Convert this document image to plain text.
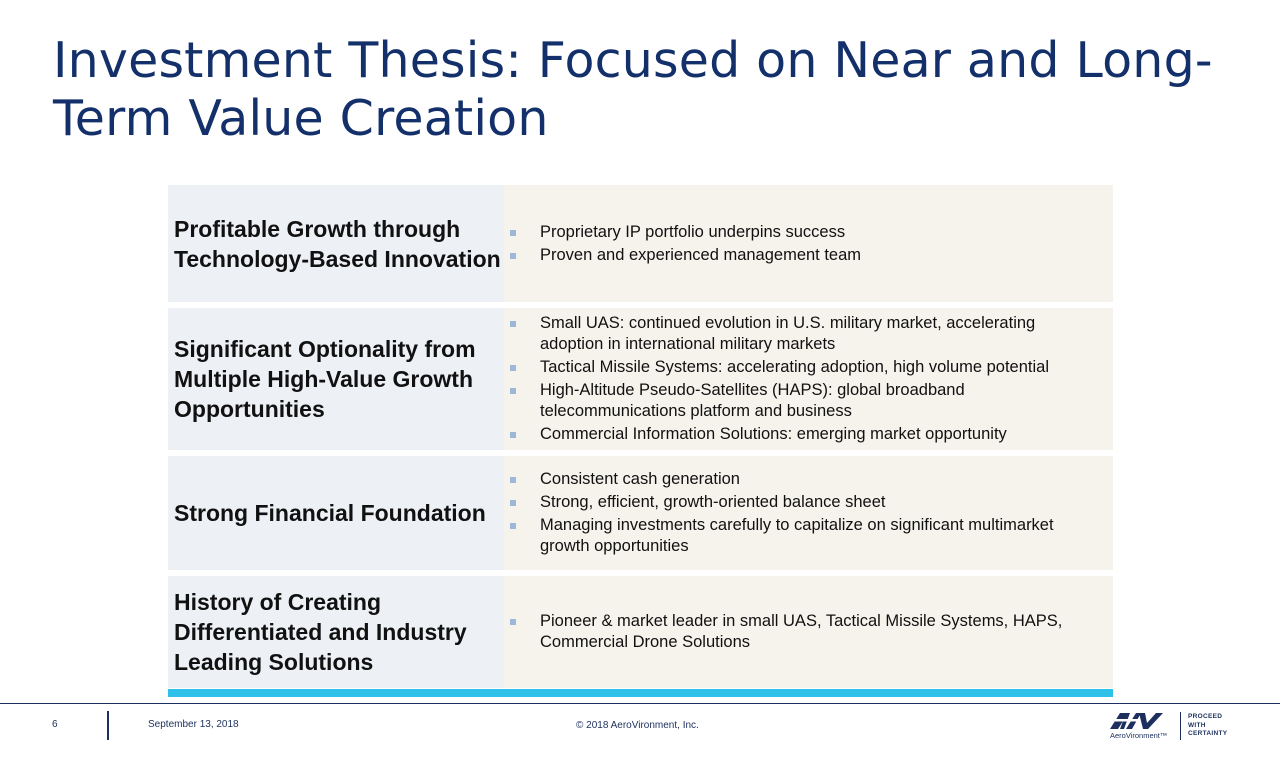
Investment Thesis: Focused on Near and Long-Term Value Creation
Profitable Growth through Technology-Based Innovation
Proprietary IP portfolio underpins success
Proven and experienced management team
Significant Optionality from Multiple High-Value Growth Opportunities
Small UAS: continued evolution in U.S. military market, accelerating adoption in international military markets
Tactical Missile Systems: accelerating adoption, high volume potential
High-Altitude Pseudo-Satellites (HAPS): global broadband telecommunications platform and business
Commercial Information Solutions: emerging market opportunity
Strong Financial Foundation
Consistent cash generation
Strong, efficient, growth-oriented balance sheet
Managing investments carefully to capitalize on significant multimarket growth opportunities
History of Creating Differentiated and Industry Leading Solutions
Pioneer & market leader in small UAS, Tactical Missile Systems, HAPS, Commercial Drone Solutions
6	September 13, 2018	© 2018 AeroVironment, Inc.
AeroVironment™
PROCEED
WITH
CERTAINTY
